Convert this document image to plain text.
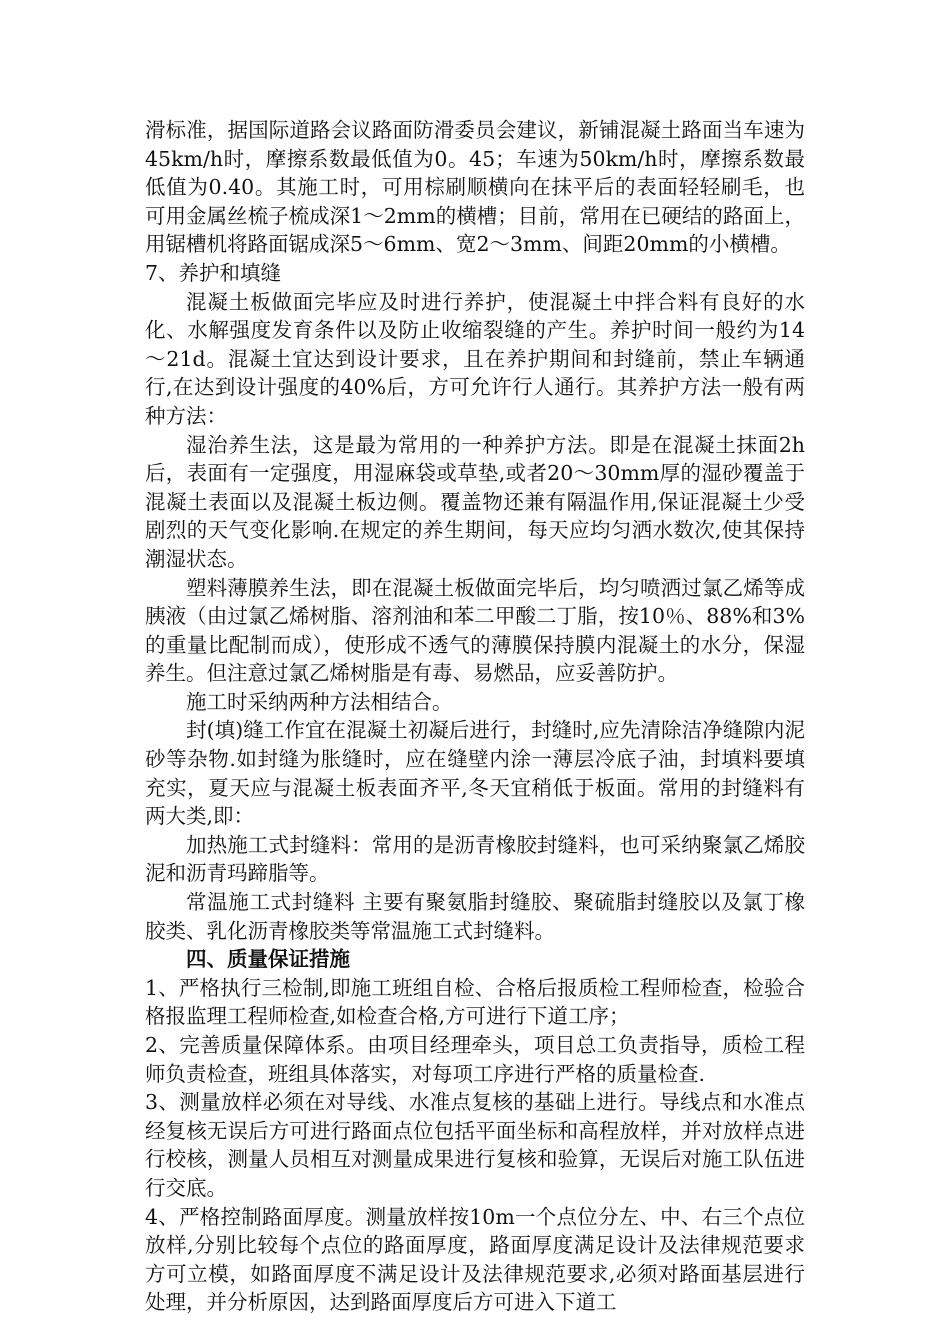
滑标准，据国际道路会议路面防滑委员会建议，新铺混凝土路面当车速为45km/h时，摩擦系数最低值为0。45；车速为50km/h时，摩擦系数最低值为0.40。其施工时，可用棕刷顺横向在抹平后的表面轻轻刷毛，也可用金属丝梳子梳成深1～2mm的横槽；目前，常用在已硬结的路面上，用锯槽机将路面锯成深5～6mm、宽2～3mm、间距20mm的小横槽。

7、养护和填缝

混凝土板做面完毕应及时进行养护，使混凝土中拌合料有良好的水化、水解强度发育条件以及防止收缩裂缝的产生。养护时间一般约为14～21d。混凝土宜达到设计要求，且在养护期间和封缝前，禁止车辆通行,在达到设计强度的40%后，方可允许行人通行。其养护方法一般有两种方法：

湿治养生法，这是最为常用的一种养护方法。即是在混凝土抹面2h后，表面有一定强度，用湿麻袋或草垫,或者20～30mm厚的湿砂覆盖于混凝土表面以及混凝土板边侧。覆盖物还兼有隔温作用,保证混凝土少受剧烈的天气变化影响.在规定的养生期间，每天应均匀洒水数次,使其保持潮湿状态。

塑料薄膜养生法，即在混凝土板做面完毕后，均匀喷洒过氯乙烯等成胰液（由过氯乙烯树脂、溶剂油和苯二甲酸二丁脂，按10％、88%和3%的重量比配制而成），使形成不透气的薄膜保持膜内混凝土的水分，保湿养生。但注意过氯乙烯树脂是有毒、易燃品，应妥善防护。

施工时采纳两种方法相结合。

封(填)缝工作宜在混凝土初凝后进行，封缝时,应先清除洁净缝隙内泥砂等杂物.如封缝为胀缝时，应在缝壁内涂一薄层冷底子油，封填料要填充实，夏天应与混凝土板表面齐平,冬天宜稍低于板面。常用的封缝料有两大类,即：

加热施工式封缝料：常用的是沥青橡胶封缝料，也可采纳聚氯乙烯胶泥和沥青玛蹄脂等。

常温施工式封缝料 主要有聚氨脂封缝胶、聚硫脂封缝胶以及氯丁橡胶类、乳化沥青橡胶类等常温施工式封缝料。

四、质量保证措施

1、严格执行三检制,即施工班组自检、合格后报质检工程师检查，检验合格报监理工程师检查,如检查合格,方可进行下道工序；

2、完善质量保障体系。由项目经理牵头，项目总工负责指导，质检工程师负责检查，班组具体落实，对每项工序进行严格的质量检查.

3、测量放样必须在对导线、水准点复核的基础上进行。导线点和水准点经复核无误后方可进行路面点位包括平面坐标和高程放样，并对放样点进行校核，测量人员相互对测量成果进行复核和验算，无误后对施工队伍进行交底。

4、严格控制路面厚度。测量放样按10m一个点位分左、中、右三个点位放样,分别比较每个点位的路面厚度，路面厚度满足设计及法律规范要求方可立模，如路面厚度不满足设计及法律规范要求,必须对路面基层进行处理，并分析原因，达到路面厚度后方可进入下道工
